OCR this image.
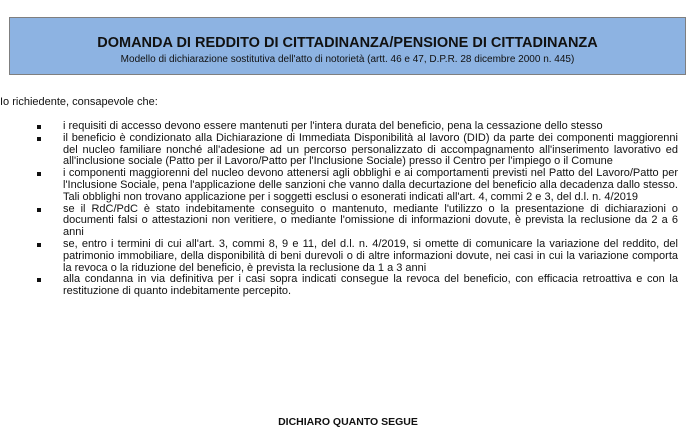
DOMANDA DI REDDITO DI CITTADINANZA/PENSIONE DI CITTADINANZA
Modello di dichiarazione sostitutiva dell'atto di notorietà (artt. 46 e 47, D.P.R. 28 dicembre 2000 n. 445)
Io richiedente, consapevole che:
i requisiti di accesso devono essere mantenuti per l'intera durata del beneficio, pena la cessazione dello stesso
il beneficio è condizionato alla Dichiarazione di Immediata Disponibilità al lavoro (DID) da parte dei componenti maggiorenni del nucleo familiare nonché all'adesione ad un percorso personalizzato di accompagnamento all'inserimento lavorativo ed all'inclusione sociale (Patto per il Lavoro/Patto per l'Inclusione Sociale) presso il Centro per l'impiego o il Comune
i componenti maggiorenni del nucleo devono attenersi agli obblighi e ai comportamenti previsti nel Patto del Lavoro/Patto per l'Inclusione Sociale, pena l'applicazione delle sanzioni che vanno dalla decurtazione del beneficio alla decadenza dallo stesso. Tali obblighi non trovano applicazione per i soggetti esclusi o esonerati indicati all'art. 4, commi 2 e 3, del d.l. n. 4/2019
se il RdC/PdC è stato indebitamente conseguito o mantenuto, mediante l'utilizzo o la presentazione di dichiarazioni o documenti falsi o attestazioni non veritiere, o mediante l'omissione di informazioni dovute, è prevista la reclusione da 2 a 6 anni
se, entro i termini di cui all'art. 3, commi 8, 9 e 11, del d.l. n. 4/2019, si omette di comunicare la variazione del reddito, del patrimonio immobiliare, della disponibilità di beni durevoli o di altre informazioni dovute, nei casi in cui la variazione comporta la revoca o la riduzione del beneficio, è prevista la reclusione da 1 a 3 anni
alla condanna in via definitiva per i casi sopra indicati consegue la revoca del beneficio, con efficacia retroattiva e con la restituzione di quanto indebitamente percepito.
DICHIARO QUANTO SEGUE
